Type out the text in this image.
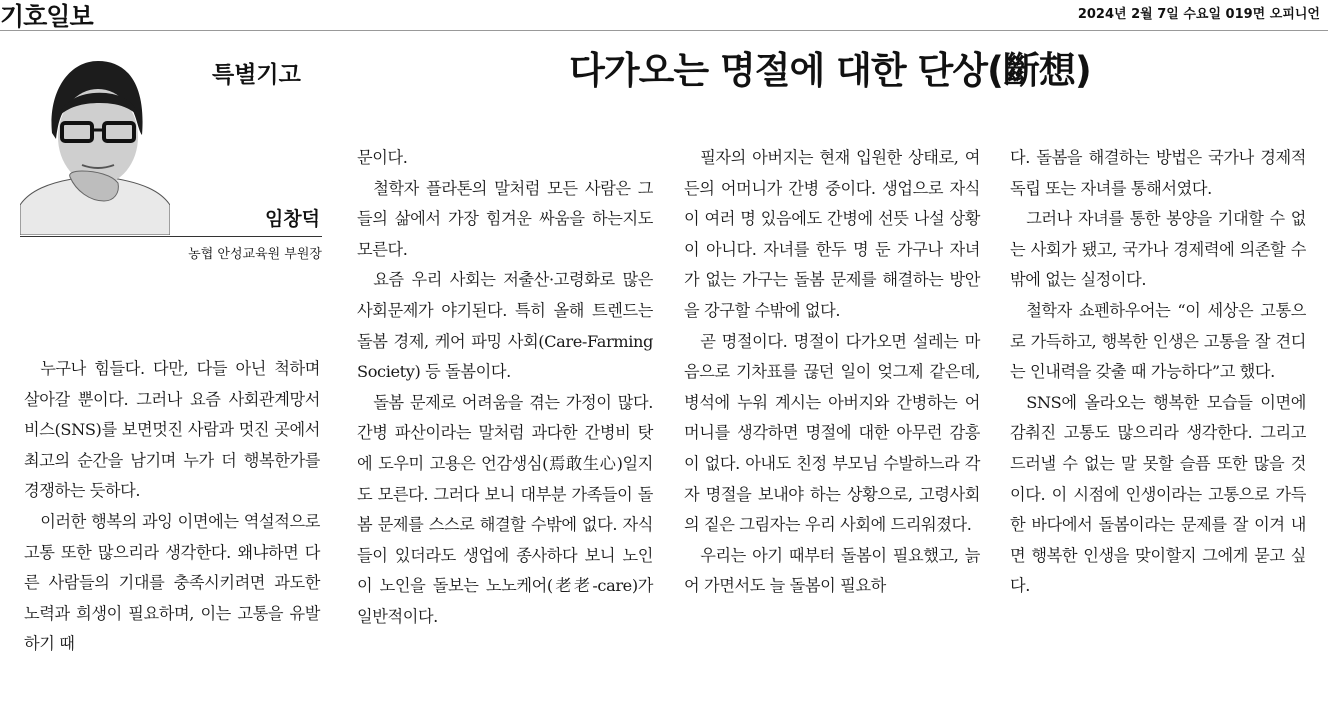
기호일보	2024년 2월 7일 수요일 019면 오피니언
특별기고	다가오는 명절에 대한 단상(斷想)
임창덕
농협 안성교육원 부원장

누구나 힘들다. 다만, 다들 아닌 척하며 살아갈 뿐이다. 그러나 요즘 사회관계망서비스(SNS)를 보면멋진 사람과 멋진 곳에서 최고의 순간을 남기며 누가 더 행복한가를 경쟁하는 듯하다.

이러한 행복의 과잉 이면에는 역설적으로 고통 또한 많으리라 생각한다. 왜냐하면 다른 사람들의 기대를 충족시키려면 과도한 노력과 희생이 필요하며, 이는 고통을 유발하기 때

문이다.

철학자 플라톤의 말처럼 모든 사람은 그들의 삶에서 가장 힘겨운 싸움을 하는지도 모른다.

요즘 우리 사회는 저출산·고령화로 많은 사회문제가 야기된다. 특히 올해 트렌드는 돌봄 경제, 케어 파밍 사회(Care-Farming Society) 등 돌봄이다.

돌봄 문제로 어려움을 겪는 가정이 많다. 간병 파산이라는 말처럼 과다한 간병비 탓에 도우미 고용은 언감생심(焉敢生心)일지도 모른다. 그러다 보니 대부분 가족들이 돌봄 문제를 스스로 해결할 수밖에 없다. 자식들이 있더라도 생업에 종사하다 보니 노인이 노인을 돌보는 노노케어(老老-care)가 일반적이다.

필자의 아버지는 현재 입원한 상태로, 여든의 어머니가 간병 중이다. 생업으로 자식이 여러 명 있음에도 간병에 선뜻 나설 상황이 아니다. 자녀를 한두 명 둔 가구나 자녀가 없는 가구는 돌봄 문제를 해결하는 방안을 강구할 수밖에 없다.

곧 명절이다. 명절이 다가오면 설레는 마음으로 기차표를 끊던 일이 엊그제 같은데, 병석에 누워 계시는 아버지와 간병하는 어머니를 생각하면 명절에 대한 아무런 감흥이 없다. 아내도 친정 부모님 수발하느라 각자 명절을 보내야 하는 상황으로, 고령사회의 짙은 그림자는 우리 사회에 드리워졌다.

우리는 아기 때부터 돌봄이 필요했고, 늙어 가면서도 늘 돌봄이 필요하

다. 돌봄을 해결하는 방법은 국가나 경제적 독립 또는 자녀를 통해서였다.

그러나 자녀를 통한 봉양을 기대할 수 없는 사회가 됐고, 국가나 경제력에 의존할 수밖에 없는 실정이다.

철학자 쇼펜하우어는 “이 세상은 고통으로 가득하고, 행복한 인생은 고통을 잘 견디는 인내력을 갖출 때 가능하다”고 했다.

SNS에 올라오는 행복한 모습들 이면에 감춰진 고통도 많으리라 생각한다. 그리고 드러낼 수 없는 말 못할 슬픔 또한 많을 것이다. 이 시점에 인생이라는 고통으로 가득한 바다에서 돌봄이라는 문제를 잘 이겨 내면 행복한 인생을 맞이할지 그에게 묻고 싶다.
